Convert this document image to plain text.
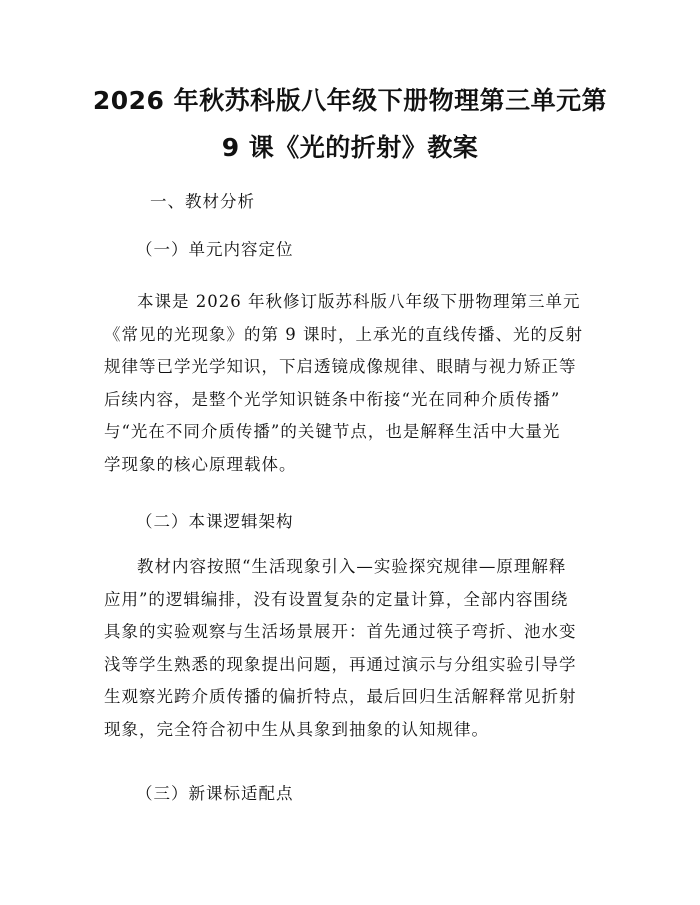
2026 年秋苏科版八年级下册物理第三单元第
9 课《光的折射》教案
一、教材分析
（一）单元内容定位
本课是 2026 年秋修订版苏科版八年级下册物理第三单元
《常见的光现象》的第 9 课时，上承光的直线传播、光的反射
规律等已学光学知识，下启透镜成像规律、眼睛与视力矫正等
后续内容，是整个光学知识链条中衔接“光在同种介质传播”
与“光在不同介质传播”的关键节点，也是解释生活中大量光
学现象的核心原理载体。
（二）本课逻辑架构
教材内容按照“生活现象引入—实验探究规律—原理解释
应用”的逻辑编排，没有设置复杂的定量计算，全部内容围绕
具象的实验观察与生活场景展开：首先通过筷子弯折、池水变
浅等学生熟悉的现象提出问题，再通过演示与分组实验引导学
生观察光跨介质传播的偏折特点，最后回归生活解释常见折射
现象，完全符合初中生从具象到抽象的认知规律。
（三）新课标适配点
